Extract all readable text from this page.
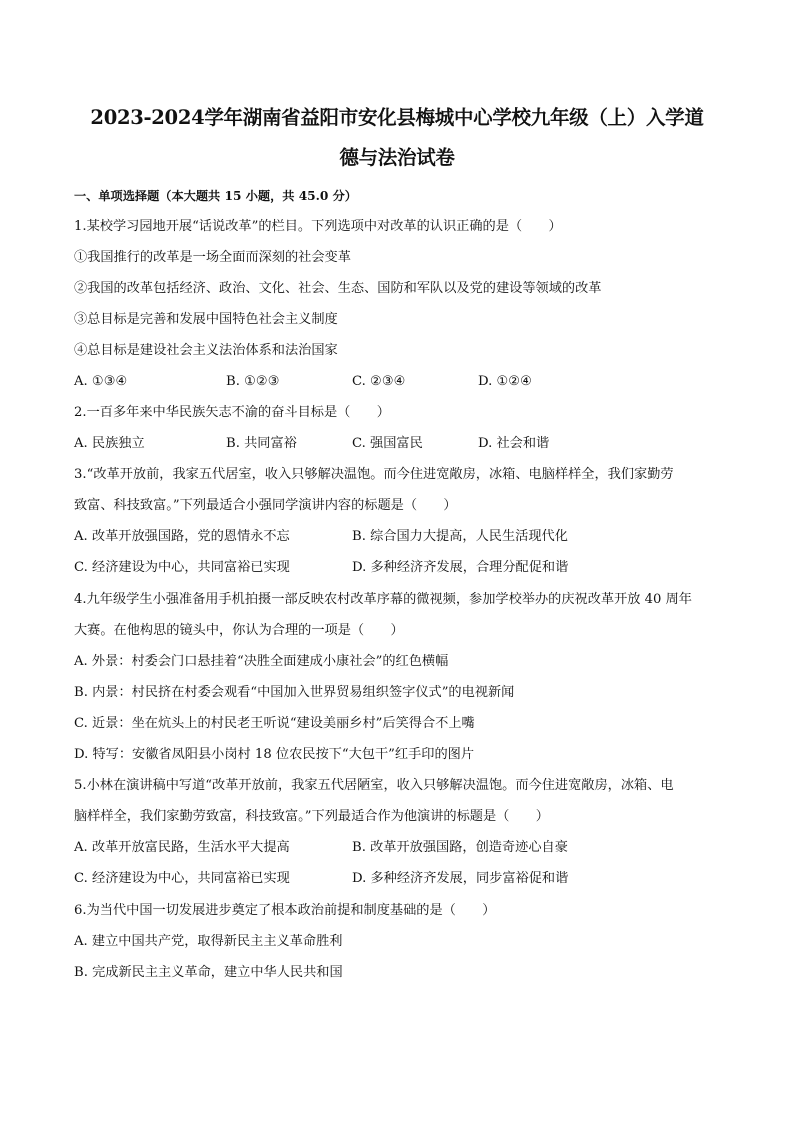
2023-2024学年湖南省益阳市安化县梅城中心学校九年级（上）入学道
德与法治试卷
一、单项选择题（本大题共 15 小题，共 45.0 分）
1.某校学习园地开展“话说改革”的栏目。下列选项中对改革的认识正确的是（　　）
①我国推行的改革是一场全面而深刻的社会变革
②我国的改革包括经济、政治、文化、社会、生态、国防和军队以及党的建设等领域的改革
③总目标是完善和发展中国特色社会主义制度
④总目标是建设社会主义法治体系和法治国家
A. ①③④	B. ①②③	C. ②③④	D. ①②④
2.一百多年来中华民族矢志不渝的奋斗目标是（　　）
A. 民族独立	B. 共同富裕	C. 强国富民	D. 社会和谐
3.“改革开放前，我家五代居室，收入只够解决温饱。而今住进宽敞房，冰箱、电脑样样全，我们家勤劳
致富、科技致富。”下列最适合小强同学演讲内容的标题是（　　）
A. 改革开放强国路，党的恩情永不忘	B. 综合国力大提高，人民生活现代化
C. 经济建设为中心，共同富裕已实现	D. 多种经济齐发展，合理分配促和谐
4.九年级学生小强准备用手机拍摄一部反映农村改革序幕的微视频，参加学校举办的庆祝改革开放 40 周年
大赛。在他构思的镜头中，你认为合理的一项是（　　）
A. 外景：村委会门口悬挂着“决胜全面建成小康社会”的红色横幅
B. 内景：村民挤在村委会观看“中国加入世界贸易组织签字仪式”的电视新闻
C. 近景：坐在炕头上的村民老王听说“建设美丽乡村”后笑得合不上嘴
D. 特写：安徽省凤阳县小岗村 18 位农民按下“大包干”红手印的图片
5.小林在演讲稿中写道“改革开放前，我家五代居陋室，收入只够解决温饱。而今住进宽敞房，冰箱、电
脑样样全，我们家勤劳致富，科技致富。”下列最适合作为他演讲的标题是（　　）
A. 改革开放富民路，生活水平大提高	B. 改革开放强国路，创造奇迹心自豪
C. 经济建设为中心，共同富裕已实现	D. 多种经济齐发展，同步富裕促和谐
6.为当代中国一切发展进步奠定了根本政治前提和制度基础的是（　　）
A. 建立中国共产党，取得新民主主义革命胜利
B. 完成新民主主义革命，建立中华人民共和国
